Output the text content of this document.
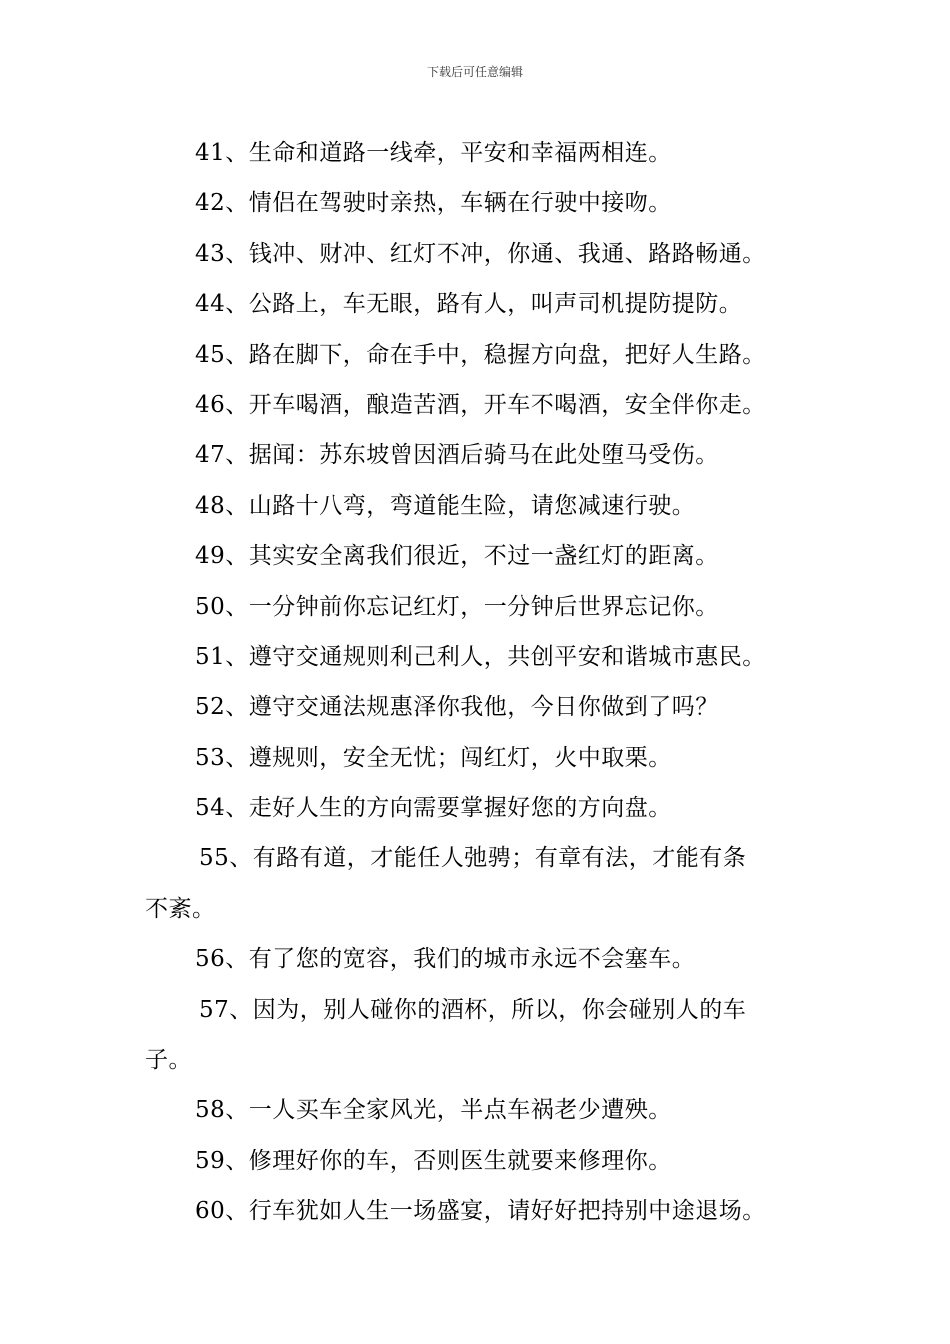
下载后可任意编辑
41、生命和道路一线牵，平安和幸福两相连。
42、情侣在驾驶时亲热，车辆在行驶中接吻。
43、钱冲、财冲、红灯不冲，你通、我通、路路畅通。
44、公路上，车无眼，路有人，叫声司机提防提防。
45、路在脚下，命在手中，稳握方向盘，把好人生路。
46、开车喝酒，酿造苦酒，开车不喝酒，安全伴你走。
47、据闻：苏东坡曾因酒后骑马在此处堕马受伤。
48、山路十八弯，弯道能生险，请您减速行驶。
49、其实安全离我们很近，不过一盏红灯的距离。
50、一分钟前你忘记红灯，一分钟后世界忘记你。
51、遵守交通规则利己利人，共创平安和谐城市惠民。
52、遵守交通法规惠泽你我他，今日你做到了吗？
53、遵规则，安全无忧；闯红灯，火中取栗。
54、走好人生的方向需要掌握好您的方向盘。
55、有路有道，才能任人弛骋；有章有法，才能有条
不紊。
56、有了您的宽容，我们的城市永远不会塞车。
57、因为，别人碰你的酒杯，所以，你会碰别人的车
子。
58、一人买车全家风光，半点车祸老少遭殃。
59、修理好你的车，否则医生就要来修理你。
60、行车犹如人生一场盛宴，请好好把持别中途退场。
